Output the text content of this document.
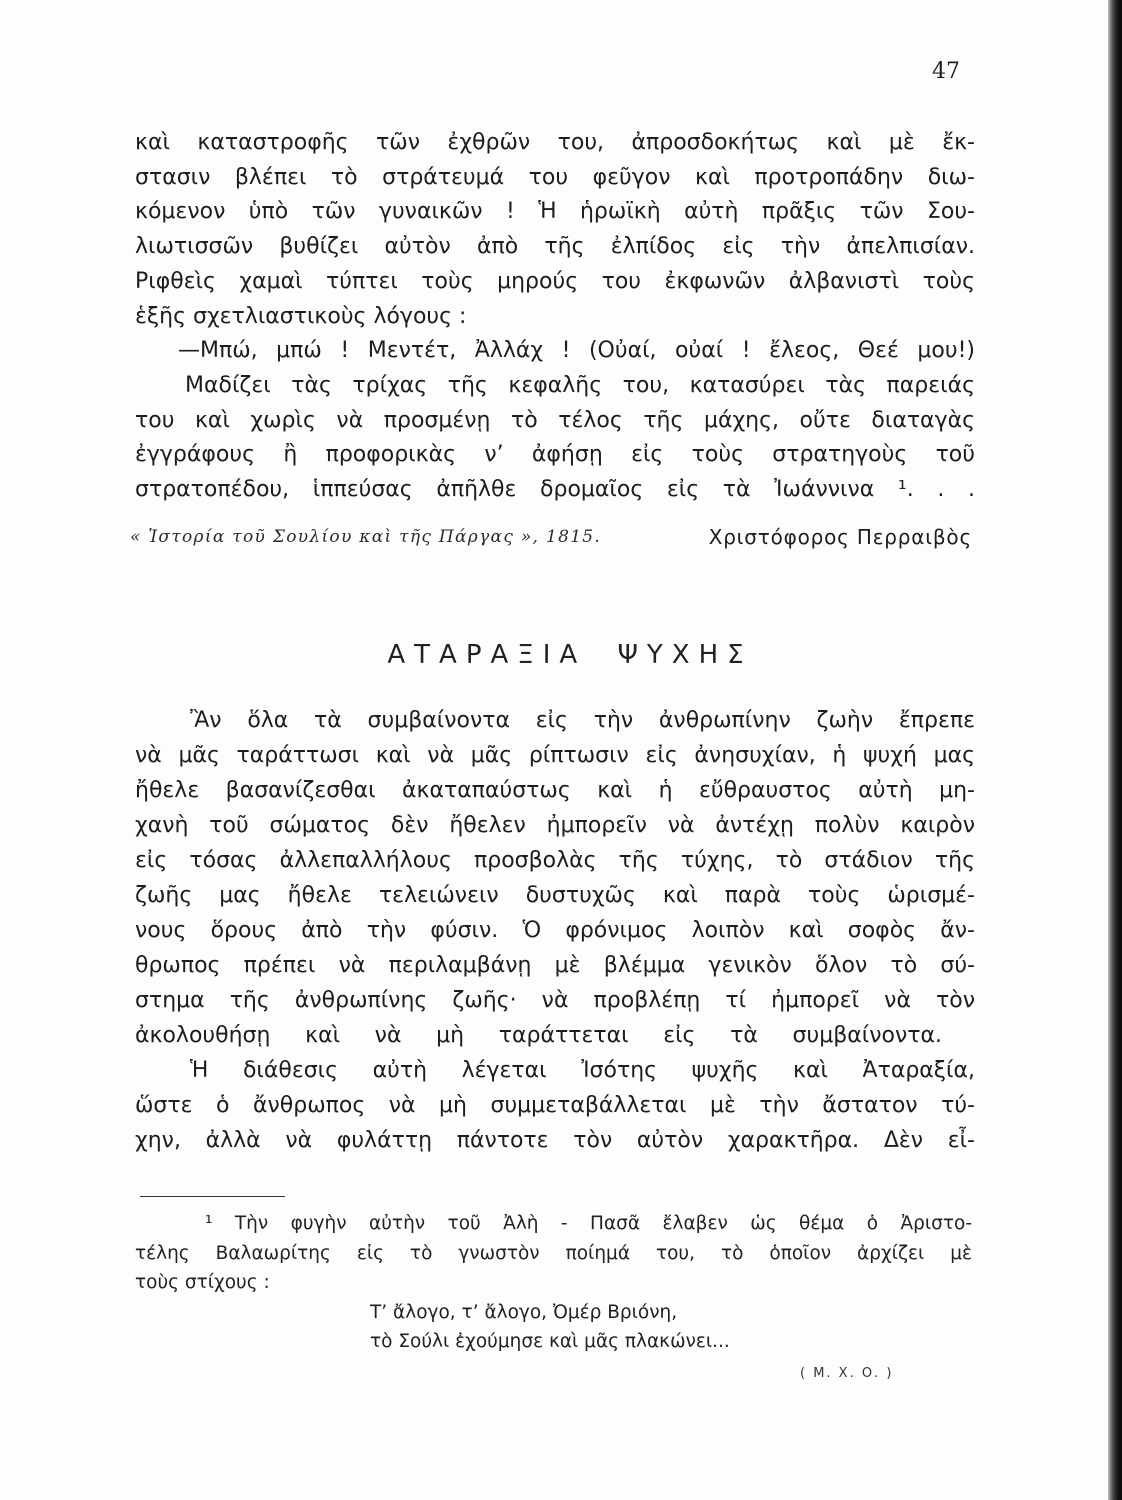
47
καὶ καταστροφῆς τῶν ἐχθρῶν του, ἀπροσδοκήτως καὶ μὲ ἔκ-
στασιν βλέπει τὸ στράτευμά του φεῦγον καὶ προτροπάδην διω-
κόμενον ὑπὸ τῶν γυναικῶν ! Ἡ ἡρωϊκὴ αὐτὴ πρᾶξις τῶν Σου-
λιωτισσῶν βυθίζει αὐτὸν ἀπὸ τῆς ἐλπίδος εἰς τὴν ἀπελπισίαν.
Ριφθεὶς χαμαὶ τύπτει τοὺς μηρούς του ἐκφωνῶν ἀλβανιστὶ τοὺς
ἑξῆς σχετλιαστικοὺς λόγους :
—Μπώ, μπώ ! Μεντέτ, Ἀλλάχ ! (Οὐαί, οὐαί ! ἔλεος, Θεέ μου!)
Μαδίζει τὰς τρίχας τῆς κεφαλῆς του, κατασύρει τὰς παρειάς
του καὶ χωρὶς νὰ προσμένῃ τὸ τέλος τῆς μάχης, οὔτε διαταγὰς
ἐγγράφους ἢ προφορικὰς ν’ ἀφήσῃ εἰς τοὺς στρατηγοὺς τοῦ
στρατοπέδου, ἱππεύσας ἀπῆλθε δρομαῖος εἰς τὰ Ἰωάννινα ¹. . .
« Ἱστορία τοῦ Σουλίου καὶ τῆς Πάργας », 1815.	Χριστόφορος Περραιβὸς
ΑΤΑΡΑΞΙΑ ΨΥΧΗΣ
Ἂν ὅλα τὰ συμβαίνοντα εἰς τὴν ἀνθρωπίνην ζωὴν ἔπρεπε
νὰ μᾶς ταράττωσι καὶ νὰ μᾶς ρίπτωσιν εἰς ἀνησυχίαν, ἡ ψυχή μας
ἤθελε βασανίζεσθαι ἀκαταπαύστως καὶ ἡ εὔθραυστος αὐτὴ μη-
χανὴ τοῦ σώματος δὲν ἤθελεν ἠμπορεῖν νὰ ἀντέχῃ πολὺν καιρὸν
εἰς τόσας ἀλλεπαλλήλους προσβολὰς τῆς τύχης, τὸ στάδιον τῆς
ζωῆς μας ἤθελε τελειώνειν δυστυχῶς καὶ παρὰ τοὺς ὡρισμέ-
νους ὅρους ἀπὸ τὴν φύσιν. Ὁ φρόνιμος λοιπὸν καὶ σοφὸς ἄν-
θρωπος πρέπει νὰ περιλαμβάνῃ μὲ βλέμμα γενικὸν ὅλον τὸ σύ-
στημα τῆς ἀνθρωπίνης ζωῆς· νὰ προβλέπῃ τί ἠμπορεῖ νὰ τὸν
ἀκολουθήσῃ καὶ νὰ μὴ ταράττεται εἰς τὰ συμβαίνοντα.
Ἡ διάθεσις αὐτὴ λέγεται Ἰσότης ψυχῆς καὶ Ἀταραξία,
ὥστε ὁ ἄνθρωπος νὰ μὴ συμμεταβάλλεται μὲ τὴν ἄστατον τύ-
χην, ἀλλὰ νὰ φυλάττῃ πάντοτε τὸν αὐτὸν χαρακτῆρα. Δὲν εἶ-
¹ Τὴν φυγὴν αὐτὴν τοῦ Ἀλὴ - Πασᾶ ἔλαβεν ὡς θέμα ὁ Ἀριστο-
τέλης Βαλαωρίτης εἰς τὸ γνωστὸν ποίημά του, τὸ ὁποῖον ἀρχίζει μὲ
τοὺς στίχους :
Τ’ ἄλογο, τ’ ἄλογο, Ὀμέρ Βριόνη,
τὸ Σούλι ἐχούμησε καὶ μᾶς πλακώνει...
( Μ. Χ. Ο. )
